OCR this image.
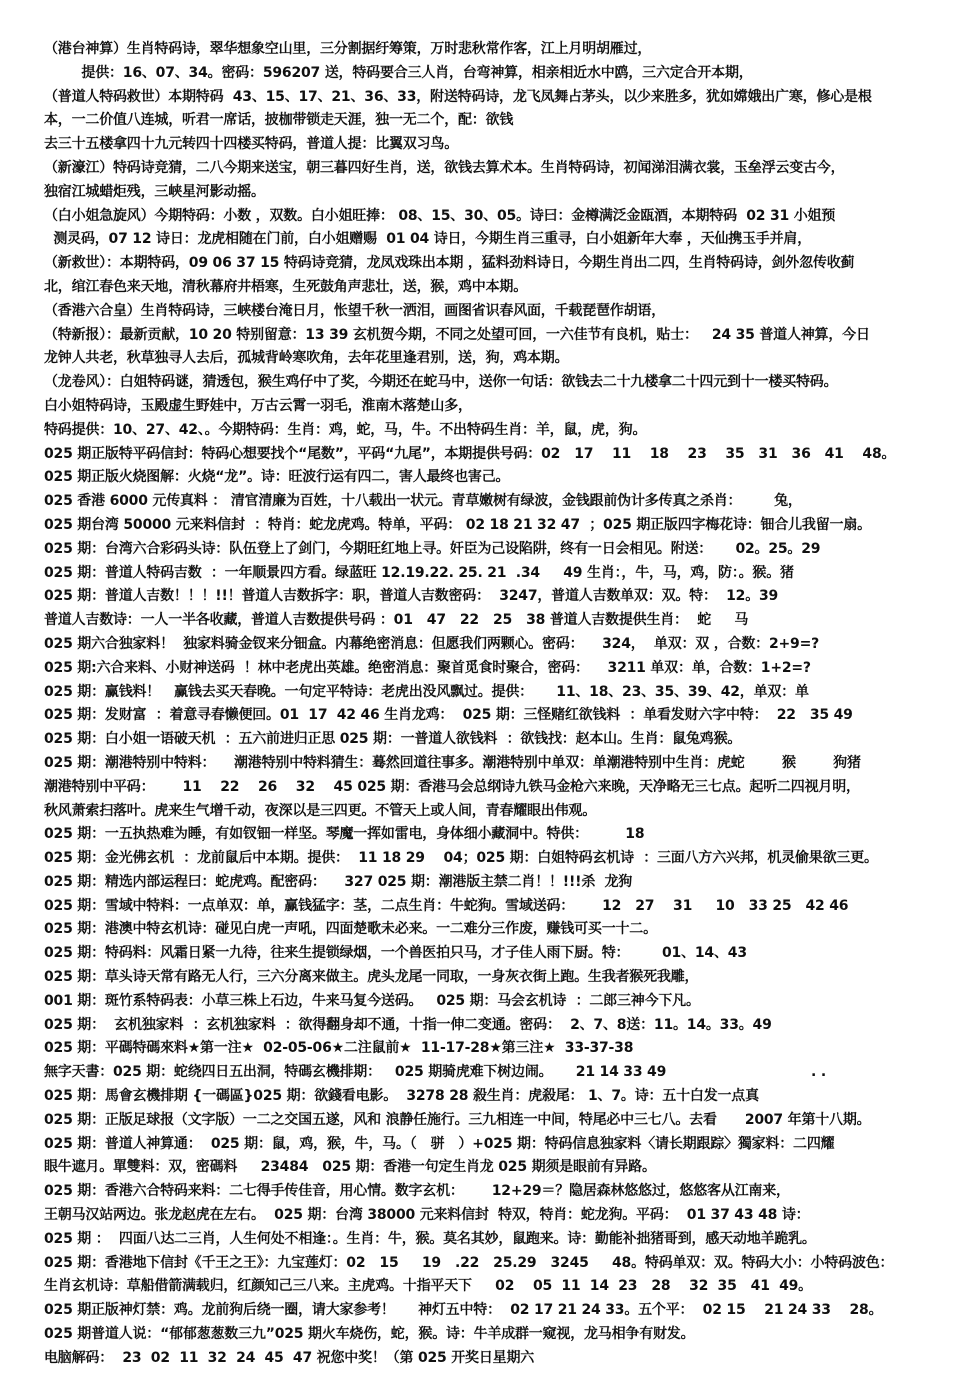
（港台神算）生肖特码诗，翠华想象空山里，三分割据纡筹策，万时悲秋常作客，江上月明胡雁过，
提供：16、07、34。密码：596207 送，特码要合三人肖，台弯神算，相亲相近水中鸥，三六定合开本期，
（普道人特码救世）本期特码  43、15、17、21、36、33，附送特码诗，龙飞凤舞占茅头，以少来胜多，犹如嫦娥出广寒，修心是根
本，一二价值八连城，听君一席话，披枷带锁走天涯，独一无二个，配：欲钱
去三十五楼拿四十九元转四十四楼买特码，普道人提：比翼双习鸟。
（新濠江）特码诗竞猜，二八今期来送宝，朝三暮四好生肖，送，欲钱去算术本。生肖特码诗，初闻涕泪满衣裳，玉垒浮云变古今，
独宿江城蜡炬残，三峡星河影动摇。
（白小姐急旋风）今期特码：小数 ，双数。白小姐旺捧： 08、15、30、05。诗曰：金樽满泛金瓯酒，本期特码  02 31 小姐预
测灵码，07 12 诗日：龙虎相随在门前，白小姐赠赐  01 04 诗日，今期生肖三重寻，白小姐新年大奉 ，天仙携玉手并肩，
（新救世）：本期特码，09 06 37 15 特码诗竞猜，龙凤戏珠出本期 ，猛料劲料诗日，今期生肖出二四，生肖特码诗，剑外忽传收蓟
北，绾江春色来天地，清秋幕府井梧寒，生死鼓角声悲壮，送，猴，鸡中本期。
（香港六合皇）生肖特码诗，三峡楼台淹日月，怅望千秋一洒泪，画图省识春风面，千载琵琶作胡语，
（特新报）：最新贡献，10 20 特别留意：13 39 玄机贺今期，不同之处望可回，一六佳节有良机，贴士：   24 35 普道人神算，今日
龙钟人共老，秋草独寻人去后，孤城背岭寒吹角，去年花里逢君别，送，狗，鸡本期。
（龙卷风）：白姐特码谜，猜透包，猴生鸡仔中了奖，今期还在蛇马中，送你一句话：欲钱去二十九楼拿二十四元到十一楼买特码。
白小姐特码诗，玉殿虚生野娃中，万古云霄一羽毛，淮南木落楚山多，
特码提供：10、27、42、。今期特码：生肖：鸡，蛇，马，牛。不出特码生肖：羊，鼠，虎，狗。
025 期正版特平码信封：特码心想要找个“尾数”，平码“九尾”，本期提供号码：02   17    11    18    23    35   31   36   41    48。
025 期正版火烧图解：火烧“龙”。诗：旺波行运有四二，害人最终也害己。
025 香港 6000 元传真料 ： 清官清廉为百姓，十八载出一状元。青草嫩树有绿波，金钱跟前伪计多传真之杀肖：       兔，
025 期台湾 50000 元来料信封  ：特肖：蛇龙虎鸡。特单，平码： 02 18 21 32 47  ；025 期正版四字梅花诗：钿合儿我留一扇。
025 期：台湾六合彩码头诗：队伍登上了剑门，今期旺红地上寻。奸臣为己设陷阱，终有一日会相见。附送：     02。25。29
025 期：普道人特码吉数  ：一年顺景四方看。绿蓝旺 12.19.22. 25. 21  .34     49 生肖：，牛，马，鸡，防：。猴。猪
025 期：普道人吉数！！！!!！普道人吉数拆字：职，普道人吉数密码：  3247，普道人吉数单双：双。特：  12。39
普道人吉数诗：一人一半各收藏，普道人吉数提供号码 ：01   47   22   25   38 普道人吉数提供生肖：  蛇     马
025 期六合独家料！  独家料骑金钗来分钿盒。内幕绝密消息：但愿我们两颗心。密码：    324，  单双：双 ，合数：2+9=?
025 期:六合来料、小财神送码  ！林中老虎出英雄。绝密消息：聚首觅食时聚合，密码：    3211 单双：单，合数：1+2=?
025 期：赢钱料！   赢钱去买天春晚。一句定平特诗：老虎出没风飘过。提供：     11、18、23、35、39、42，单双：单
025 期：发财富  ：着意寻春懒便回。01  17  42 46 生肖龙鸡：  025 期：三怪赌红欲钱料  ：单看发财六字中特：  22   35 49
025 期：白小姐一语破天机  ：五六前进归正思 025 期：一普道人欲钱料  ：欲钱找：赵本山。生肖：鼠兔鸡猴。
025 期：潮港特别中特料：    潮港特别中特料猜生：蓦然回道往事多。潮港特别中单双：单潮港特别中生肖：虎蛇        猴        狗猪
潮港特别中平码：      11    22    26    32    45 025 期：香港马会总纲诗九铁马金枪六来晚，天净略无三七点。起听二四视月明，
秋风萧索扫落叶。虎来生气增千动，夜深以是三四更。不管天上或人间，青春耀眼出伟观。
025 期：一五执热难为睡，有如钗钿一样坚。琴魔一挥如雷电，身体细小藏洞中。特供：        18
025 期：金光佛玄机  ：龙前鼠后中本期。提供：  11 18 29    04；025 期：白姐特码玄机诗  ：三面八方六兴邦，机灵偷果欲三更。
025 期：精选内部运程曰：蛇虎鸡。配密码：    327 025 期：潮港版主禁二肖！！!!!杀  龙狗
025 期：雪域中特料：一点单双：单，赢钱猛字：茎，二点生肖：牛蛇狗。雪域送码：      12   27    31     10   33 25   42 46
025 期：港澳中特玄机诗：碰见白虎一声吼，四面楚歌未必来。一二难分三作废，赚钱可买一十二。
025 期：特码料：风霜日紧一九待，往来生提锁绿烟，一个兽医拍只马，才子佳人雨下厨。特：       01、14、43
025 期：草头诗天常有路无人行，三六分离来做主。虎头龙尾一同取，一身灰衣街上跑。生我者猴死我雕，
001 期：斑竹系特码表：小草三株上石边，牛来马复今送码。   025 期：马会玄机诗  ：二郎三神今下凡。
025 期：  玄机独家料  ：玄机独家料  ：欲得翻身却不通，十指一伸二变通。密码：  2、7、8送：11。14。33。49
025 期：平碼特碼來料★第一注★  02-05-06★二注鼠前★  11-17-28★第三注★  33-37-38
無字天書：025 期：蛇绕四日五出洞，特碼玄機排期：   025 期骑虎难下树边闹。     21 14 33 49                               . .
025 期：馬會玄機排期 {一碼區}025 期：欲錢看电影。  3278 28 殺生肖：虎殺尾： 1、7。诗：五十白发一点真
025 期：正版足球报（文字版）一二之交国五遂，风和 浪静任施行。三九相连一中间，特尾必中三七八。去看      2007 年第十八期。
025 期：普道人神算通：  025 期：鼠，鸡，猴，牛，马。（   骈   ）+025 期：特码信息独家料〈请长期跟踪〉獨家料：二四耀
眼牛遮月。單雙料：双，密碼料     23484   025 期：香港一句定生肖龙 025 期须是眼前有异路。
025 期：香港六合特码来料：二七得手传佳音，用心情。数字玄机：      12+29＝？隐居森林悠悠过，悠悠客从江南来，
王朝马汉站两边。张龙赵虎在左右。  025 期：台湾 38000 元来料信封  特双，特肖：蛇龙狗。平码：  01 37 43 48 诗：
025 期 ：  四面八达二三肖，人生何处不相逢：。生肖：牛，猴。莫名其妙，鼠跑来。诗：勤能补拙猪哥到，感天动地羊跪乳。
025 期：香港地下信封《千王之王》：九宝莲灯：02   15     19   .22   25.29   3245     48。特码单双：双。特码大小：小特码波色：
生肖玄机诗：草船借箭满载归，红颜知己三八来。主虎鸡。十指平天下     02    05  11  14  23   28    32  35   41  49。
025 期正版神灯禁：鸡。龙前狗后绕一圈，请大家参考！     神灯五中特：  02 17 21 24 33。五个平：  02 15    21 24 33    28。
025 期普道人说：“郁郁葱葱数三九”025 期火车烧伤，蛇，猴。诗：牛羊成群一窥视，龙马相争有财发。
电脑解码：  23  02  11  32  24  45  47 祝您中奖！（第 025 开奖日星期六
